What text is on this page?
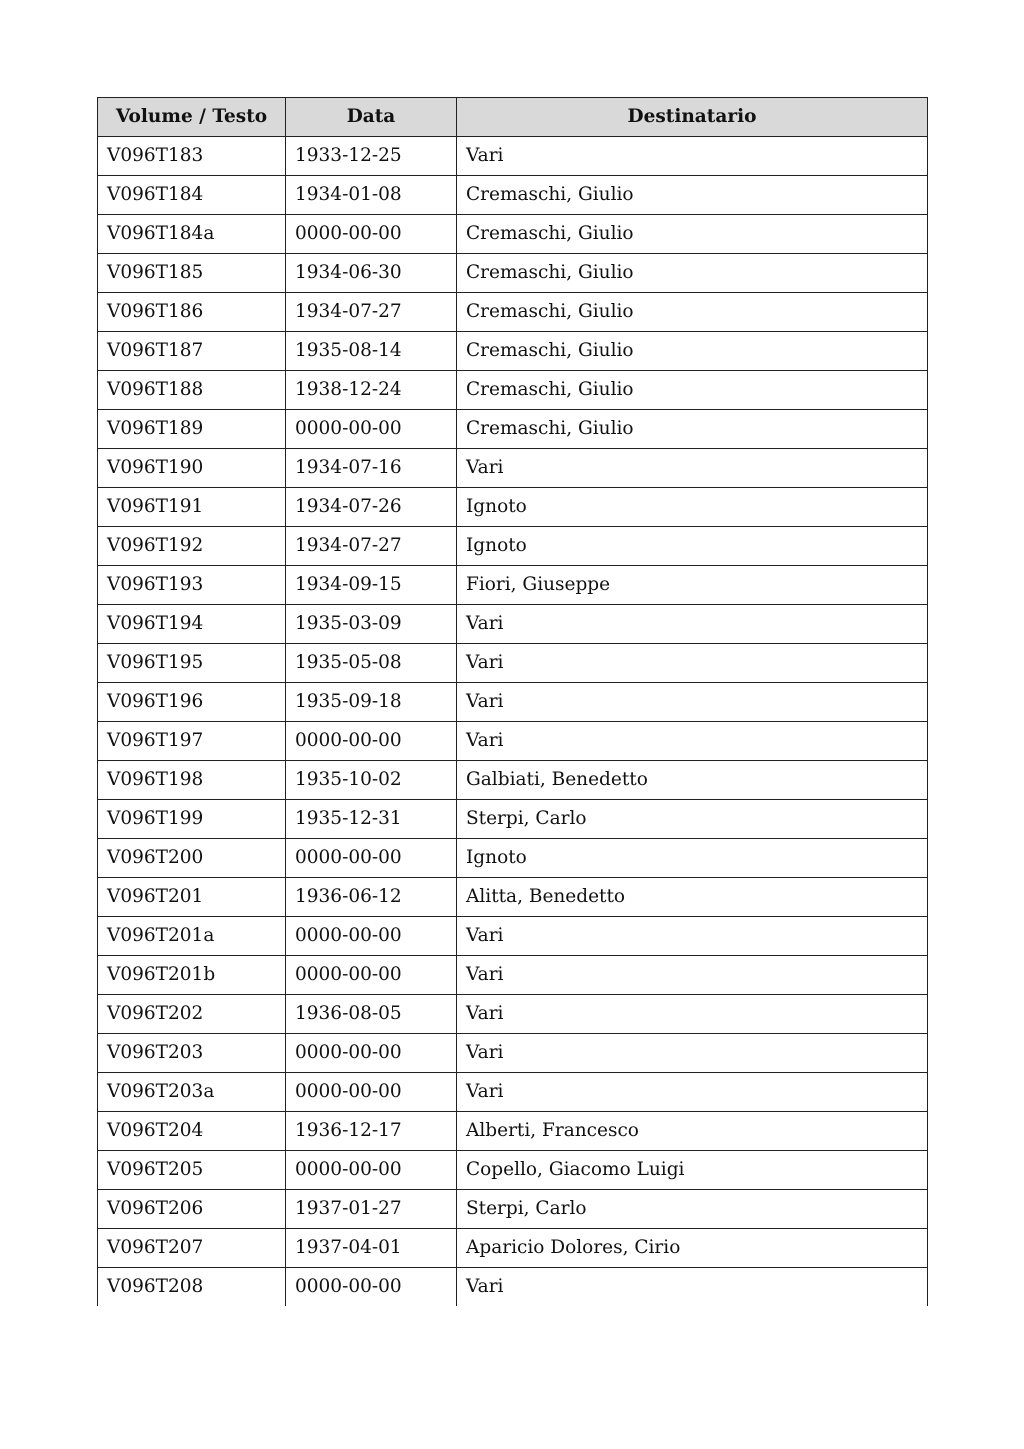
Volume / Testo	Data	Destinatario
V096T183	1933-12-25	Vari
V096T184	1934-01-08	Cremaschi, Giulio
V096T184a	0000-00-00	Cremaschi, Giulio
V096T185	1934-06-30	Cremaschi, Giulio
V096T186	1934-07-27	Cremaschi, Giulio
V096T187	1935-08-14	Cremaschi, Giulio
V096T188	1938-12-24	Cremaschi, Giulio
V096T189	0000-00-00	Cremaschi, Giulio
V096T190	1934-07-16	Vari
V096T191	1934-07-26	Ignoto
V096T192	1934-07-27	Ignoto
V096T193	1934-09-15	Fiori, Giuseppe
V096T194	1935-03-09	Vari
V096T195	1935-05-08	Vari
V096T196	1935-09-18	Vari
V096T197	0000-00-00	Vari
V096T198	1935-10-02	Galbiati, Benedetto
V096T199	1935-12-31	Sterpi, Carlo
V096T200	0000-00-00	Ignoto
V096T201	1936-06-12	Alitta, Benedetto
V096T201a	0000-00-00	Vari
V096T201b	0000-00-00	Vari
V096T202	1936-08-05	Vari
V096T203	0000-00-00	Vari
V096T203a	0000-00-00	Vari
V096T204	1936-12-17	Alberti, Francesco
V096T205	0000-00-00	Copello, Giacomo Luigi
V096T206	1937-01-27	Sterpi, Carlo
V096T207	1937-04-01	Aparicio Dolores, Cirio
V096T208	0000-00-00	Vari
